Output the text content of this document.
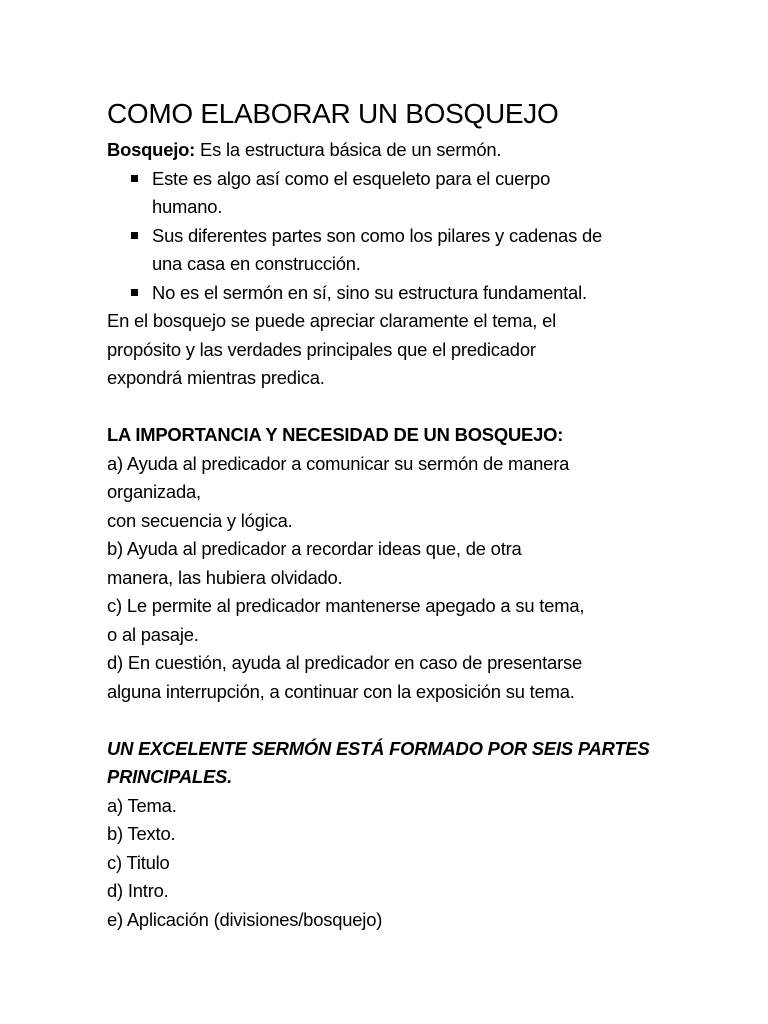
COMO ELABORAR UN BOSQUEJO

Bosquejo: Es la estructura básica de un sermón.

Este es algo así como el esqueleto para el cuerpo
humano.
Sus diferentes partes son como los pilares y cadenas de
una casa en construcción.
No es el sermón en sí, sino su estructura fundamental.

En el bosquejo se puede apreciar claramente el tema, el

propósito y las verdades principales que el predicador

expondrá mientras predica.

LA IMPORTANCIA Y NECESIDAD DE UN BOSQUEJO:

a) Ayuda al predicador a comunicar su sermón de manera

organizada,

con secuencia y lógica.

b) Ayuda al predicador a recordar ideas que, de otra

manera, las hubiera olvidado.

c) Le permite al predicador mantenerse apegado a su tema,

o al pasaje.

d) En cuestión, ayuda al predicador en caso de presentarse

alguna interrupción, a continuar con la exposición su tema.

UN EXCELENTE SERMÓN ESTÁ FORMADO POR SEIS PARTES

PRINCIPALES.

a) Tema.

b) Texto.

c) Titulo

d) Intro.

e) Aplicación (divisiones/bosquejo)
